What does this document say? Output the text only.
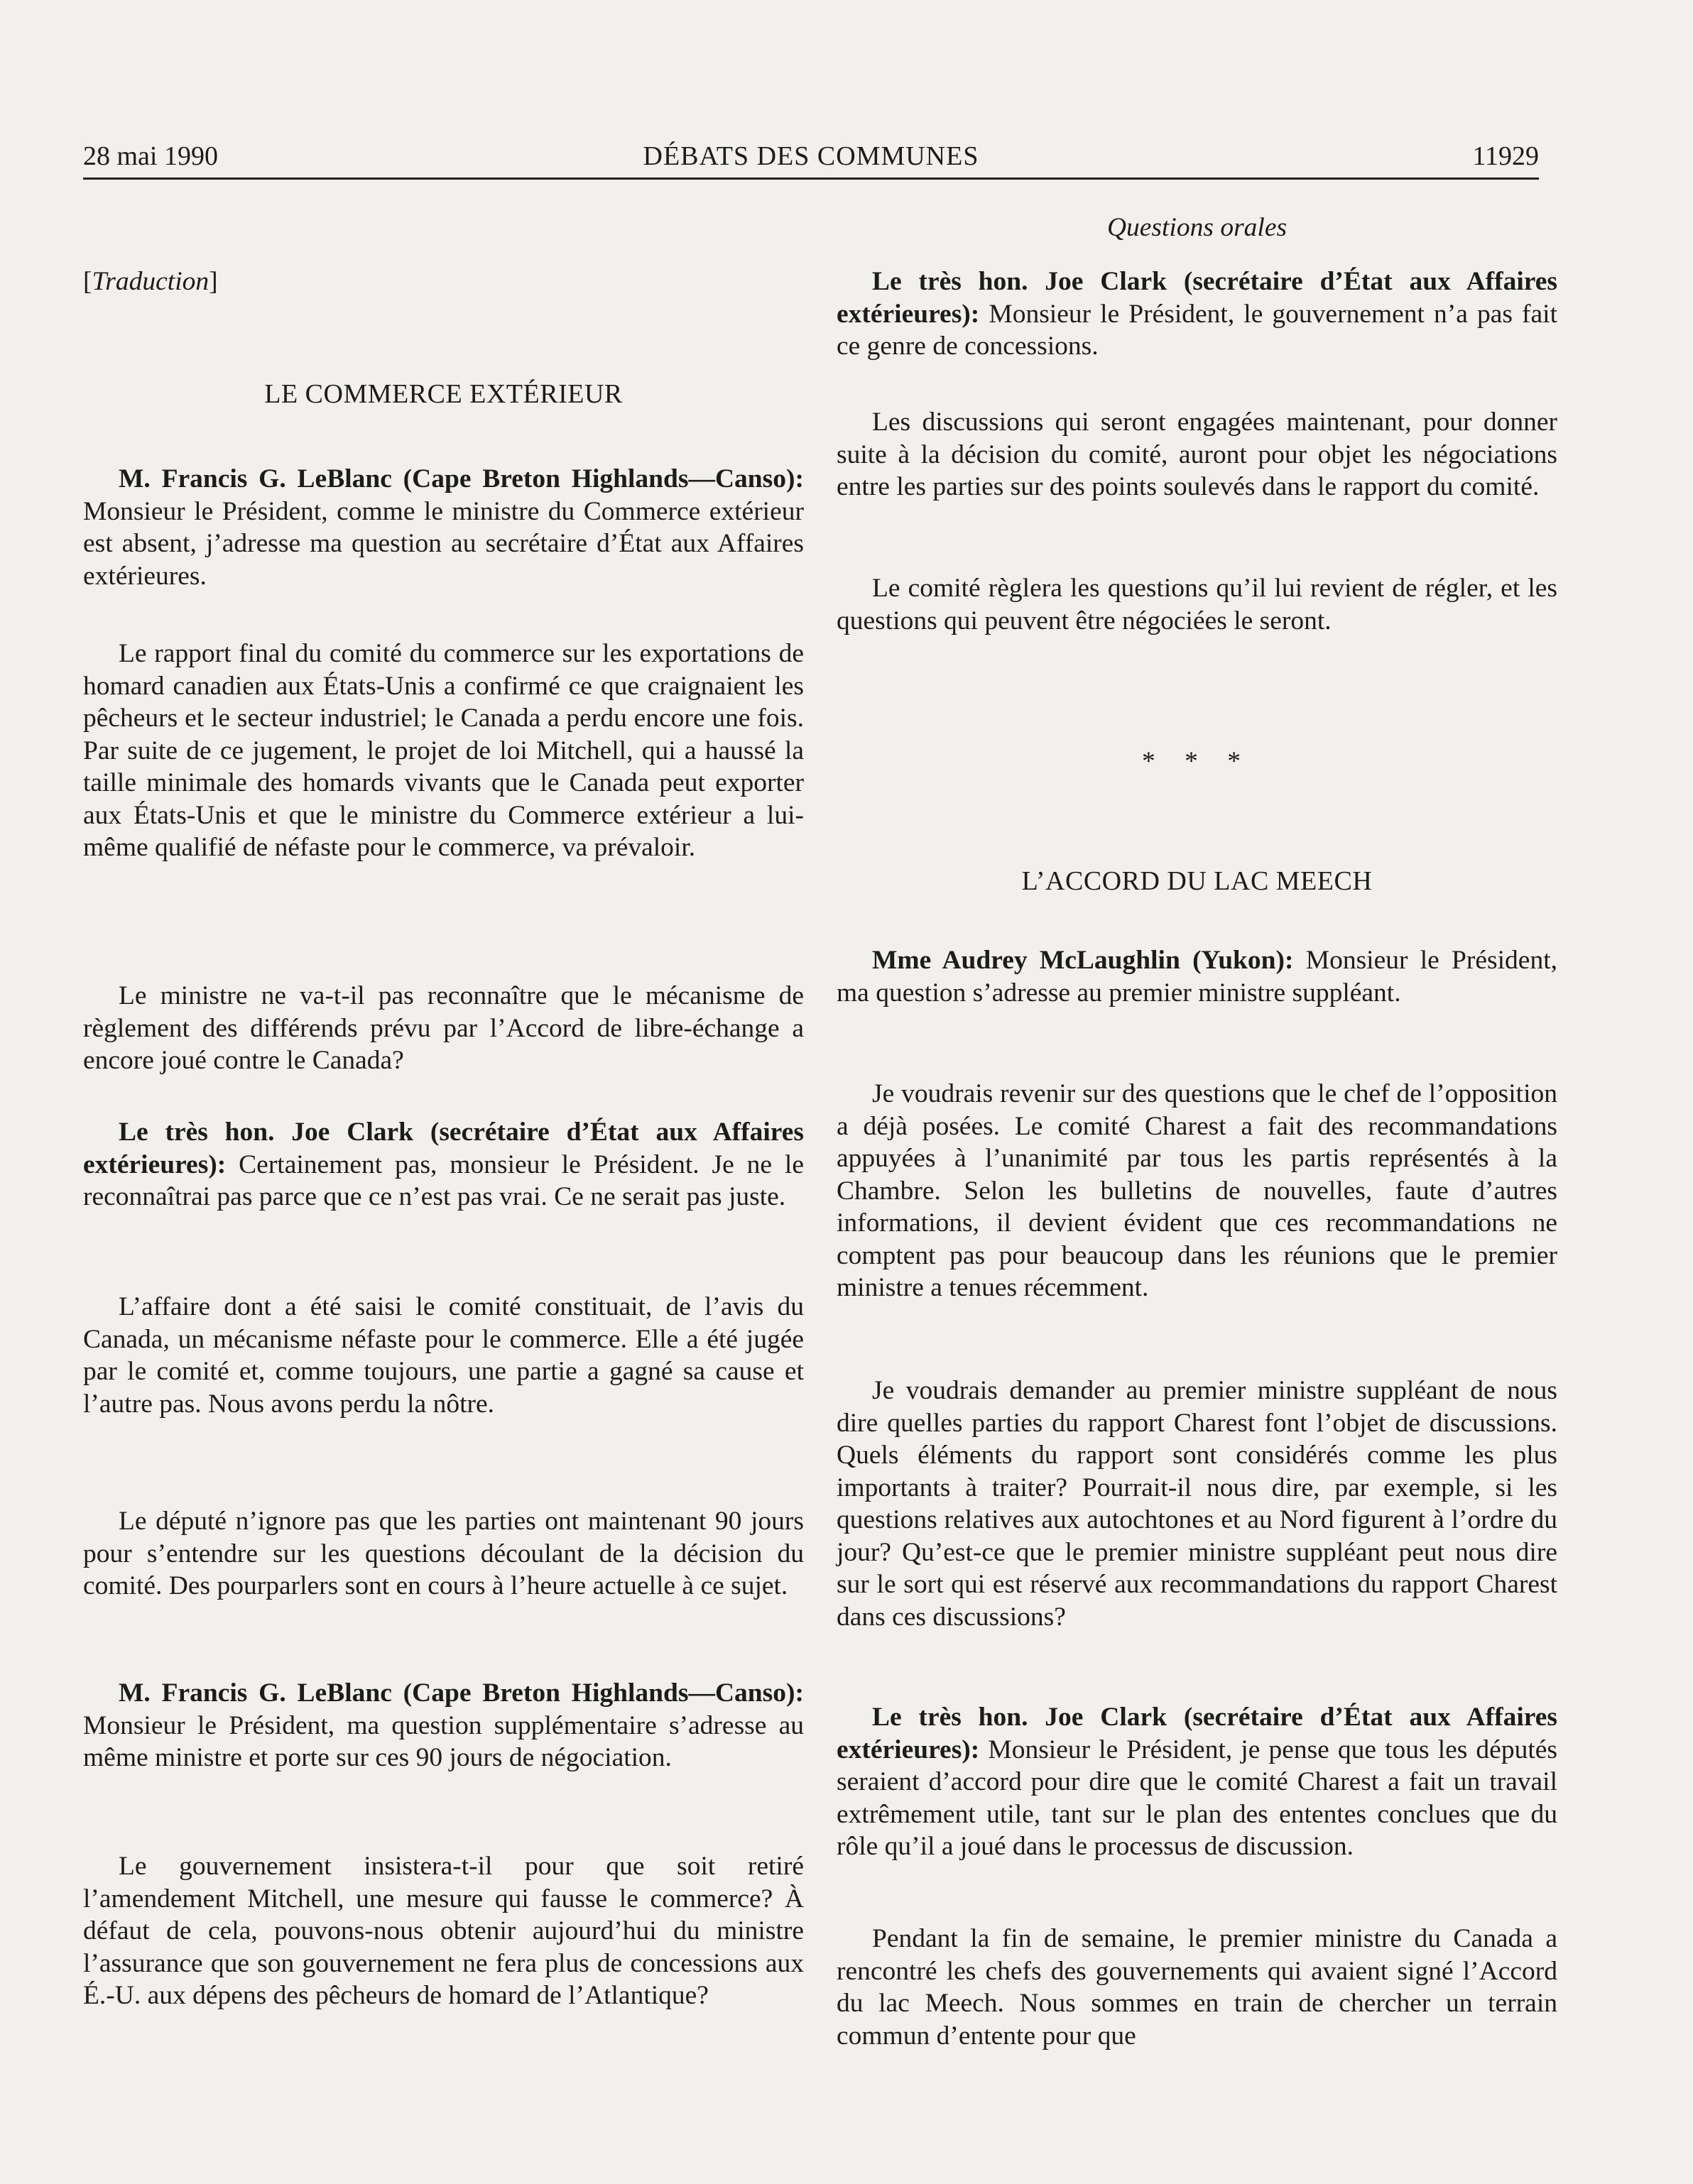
28 mai 1990	DÉBATS DES COMMUNES	11929

[Traduction]

LE COMMERCE EXTÉRIEUR

M. Francis G. LeBlanc (Cape Breton Highlands—Canso): Monsieur le Président, comme le ministre du Commerce extérieur est absent, j’adresse ma question au secrétaire d’État aux Affaires extérieures.

Le rapport final du comité du commerce sur les exportations de homard canadien aux États-Unis a confirmé ce que craignaient les pêcheurs et le secteur industriel; le Canada a perdu encore une fois. Par suite de ce jugement, le projet de loi Mitchell, qui a haussé la taille minimale des homards vivants que le Canada peut exporter aux États-Unis et que le ministre du Commerce extérieur a lui-même qualifié de néfaste pour le commerce, va prévaloir.

Le ministre ne va-t-il pas reconnaître que le mécanisme de règlement des différends prévu par l’Accord de libre-échange a encore joué contre le Canada?

Le très hon. Joe Clark (secrétaire d’État aux Affaires extérieures): Certainement pas, monsieur le Président. Je ne le reconnaîtrai pas parce que ce n’est pas vrai. Ce ne serait pas juste.

L’affaire dont a été saisi le comité constituait, de l’avis du Canada, un mécanisme néfaste pour le commerce. Elle a été jugée par le comité et, comme toujours, une partie a gagné sa cause et l’autre pas. Nous avons perdu la nôtre.

Le député n’ignore pas que les parties ont maintenant 90 jours pour s’entendre sur les questions découlant de la décision du comité. Des pourparlers sont en cours à l’heure actuelle à ce sujet.

M. Francis G. LeBlanc (Cape Breton Highlands—Canso): Monsieur le Président, ma question supplémentaire s’adresse au même ministre et porte sur ces 90 jours de négociation.

Le gouvernement insistera-t-il pour que soit retiré l’amendement Mitchell, une mesure qui fausse le commerce? À défaut de cela, pouvons-nous obtenir aujourd’hui du ministre l’assurance que son gouvernement ne fera plus de concessions aux É.-U. aux dépens des pêcheurs de homard de l’Atlantique?

Questions orales

Le très hon. Joe Clark (secrétaire d’État aux Affaires extérieures): Monsieur le Président, le gouvernement n’a pas fait ce genre de concessions.

Les discussions qui seront engagées maintenant, pour donner suite à la décision du comité, auront pour objet les négociations entre les parties sur des points soulevés dans le rapport du comité.

Le comité règlera les questions qu’il lui revient de régler, et les questions qui peuvent être négociées le seront.

* * *

L’ACCORD DU LAC MEECH

Mme Audrey McLaughlin (Yukon): Monsieur le Président, ma question s’adresse au premier ministre suppléant.

Je voudrais revenir sur des questions que le chef de l’opposition a déjà posées. Le comité Charest a fait des recommandations appuyées à l’unanimité par tous les partis représentés à la Chambre. Selon les bulletins de nouvelles, faute d’autres informations, il devient évident que ces recommandations ne comptent pas pour beaucoup dans les réunions que le premier ministre a tenues récemment.

Je voudrais demander au premier ministre suppléant de nous dire quelles parties du rapport Charest font l’objet de discussions. Quels éléments du rapport sont considérés comme les plus importants à traiter? Pourrait-il nous dire, par exemple, si les questions relatives aux autochtones et au Nord figurent à l’ordre du jour? Qu’est-ce que le premier ministre suppléant peut nous dire sur le sort qui est réservé aux recommandations du rapport Charest dans ces discussions?

Le très hon. Joe Clark (secrétaire d’État aux Affaires extérieures): Monsieur le Président, je pense que tous les députés seraient d’accord pour dire que le comité Charest a fait un travail extrêmement utile, tant sur le plan des ententes conclues que du rôle qu’il a joué dans le processus de discussion.

Pendant la fin de semaine, le premier ministre du Canada a rencontré les chefs des gouvernements qui avaient signé l’Accord du lac Meech. Nous sommes en train de chercher un terrain commun d’entente pour que
